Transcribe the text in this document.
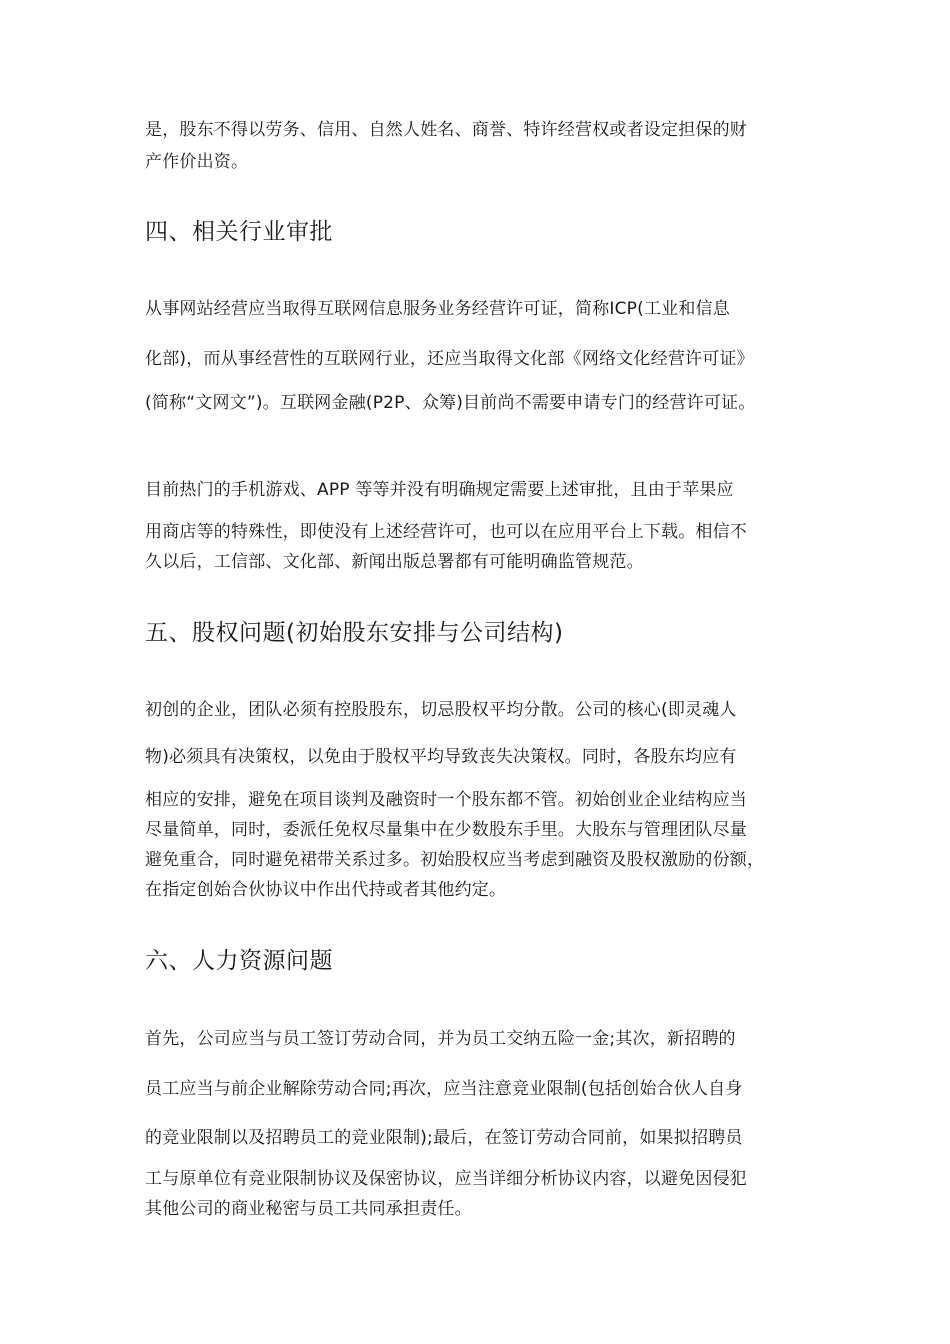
是，股东不得以劳务、信用、自然人姓名、商誉、特许经营权或者设定担保的财
产作价出资。
四、相关行业审批
从事网站经营应当取得互联网信息服务业务经营许可证，简称ICP(工业和信息
化部)，而从事经营性的互联网行业，还应当取得文化部《网络文化经营许可证》
(简称“文网文”)。互联网金融(P2P、众筹)目前尚不需要申请专门的经营许可证。
目前热门的手机游戏、APP 等等并没有明确规定需要上述审批，且由于苹果应
用商店等的特殊性，即使没有上述经营许可，也可以在应用平台上下载。相信不
久以后，工信部、文化部、新闻出版总署都有可能明确监管规范。
五、股权问题(初始股东安排与公司结构)
初创的企业，团队必须有控股股东，切忌股权平均分散。公司的核心(即灵魂人
物)必须具有决策权，以免由于股权平均导致丧失决策权。同时，各股东均应有
相应的安排，避免在项目谈判及融资时一个股东都不管。初始创业企业结构应当
尽量简单，同时，委派任免权尽量集中在少数股东手里。大股东与管理团队尽量
避免重合，同时避免裙带关系过多。初始股权应当考虑到融资及股权激励的份额，
在指定创始合伙协议中作出代持或者其他约定。
六、人力资源问题
首先，公司应当与员工签订劳动合同，并为员工交纳五险一金;其次，新招聘的
员工应当与前企业解除劳动合同;再次，应当注意竞业限制(包括创始合伙人自身
的竞业限制以及招聘员工的竞业限制);最后，在签订劳动合同前，如果拟招聘员
工与原单位有竞业限制协议及保密协议，应当详细分析协议内容，以避免因侵犯
其他公司的商业秘密与员工共同承担责任。
